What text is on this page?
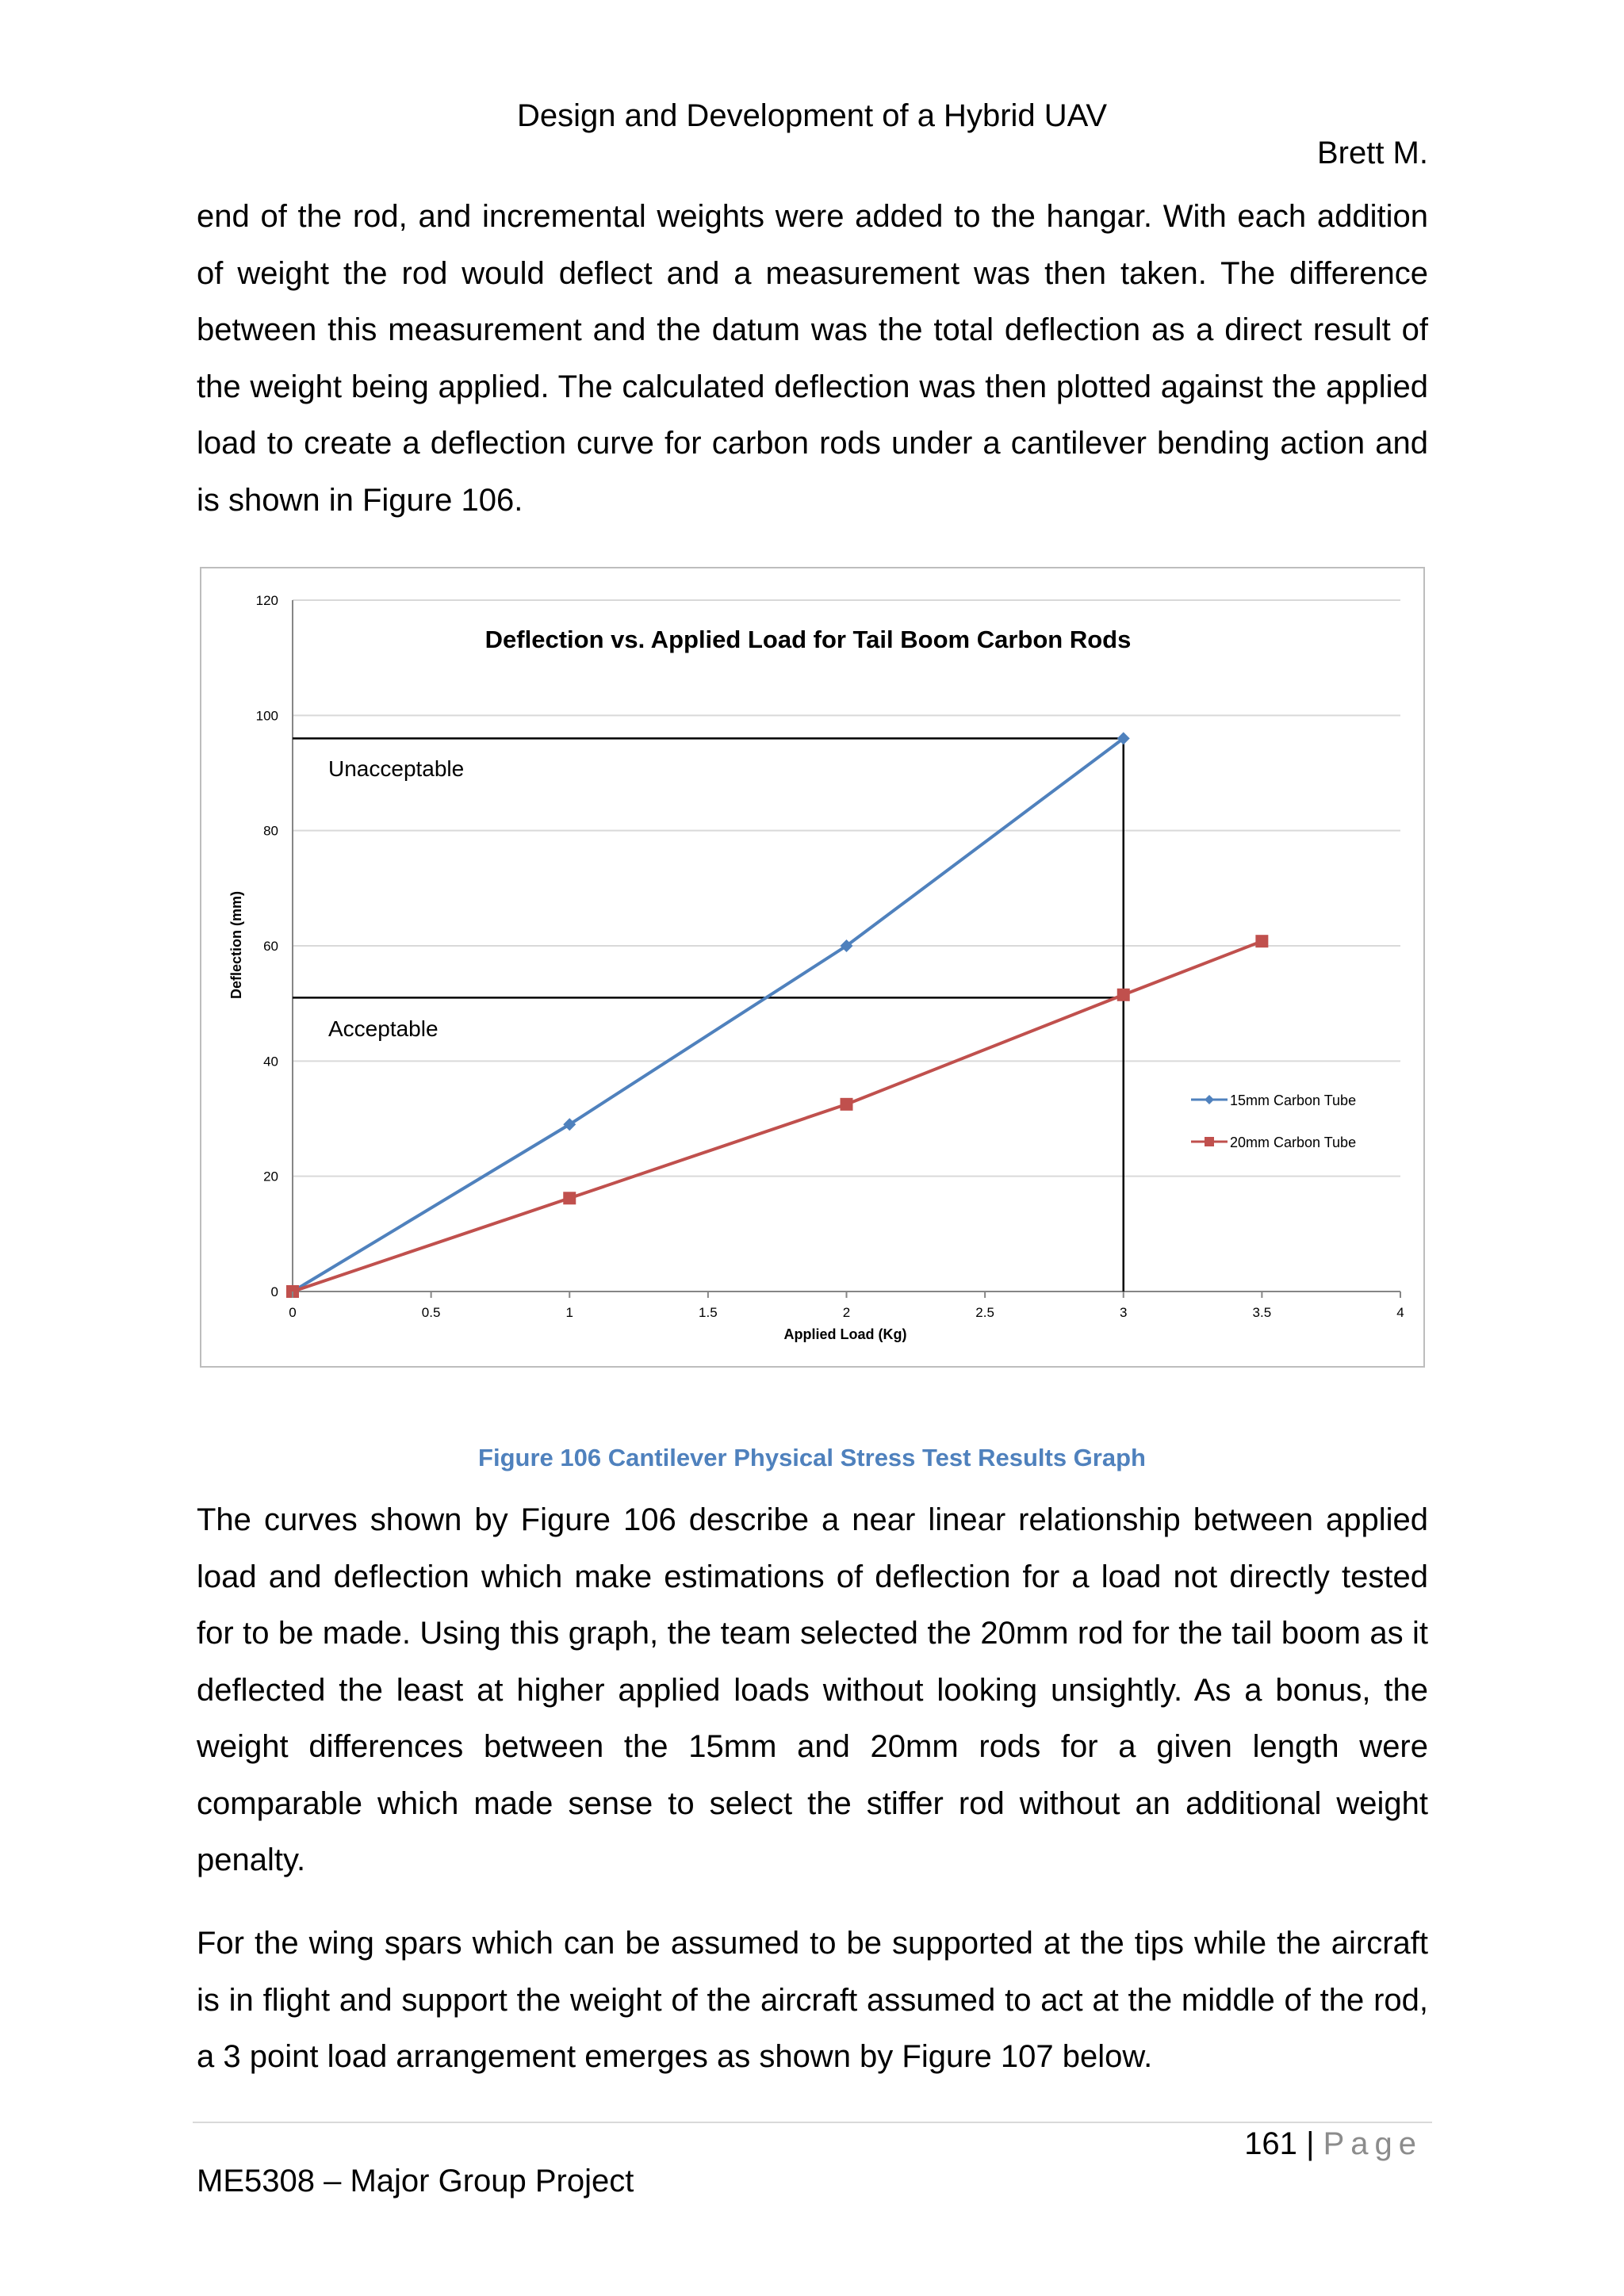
Design and Development of a Hybrid UAV
Brett M.

end of the rod, and incremental weights were added to the hangar. With each addition of weight the rod would deflect and a measurement was then taken. The difference between this measurement and the datum was the total deflection as a direct result of the weight being applied. The calculated deflection was then plotted against the applied load to create a deflection curve for carbon rods under a cantilever bending action and is shown in Figure 106.

0
20
40
60
80
100
120
0	0.5	1	1.5	2	2.5	3	3.5	4
Deflection vs. Applied Load for Tail Boom Carbon Rods
Unacceptable
Acceptable
Applied Load (Kg)
Deflection (mm)
15mm Carbon Tube
20mm Carbon Tube
Figure 106 Cantilever Physical Stress Test Results Graph

The curves shown by Figure 106 describe a near linear relationship between applied load and deflection which make estimations of deflection for a load not directly tested for to be made. Using this graph, the team selected the 20mm rod for the tail boom as it deflected the least at higher applied loads without looking unsightly. As a bonus, the weight differences between the 15mm and 20mm rods for a given length were comparable which made sense to select the stiffer rod without an additional weight penalty.

For the wing spars which can be assumed to be supported at the tips while the aircraft is in flight and support the weight of the aircraft assumed to act at the middle of the rod, a 3 point load arrangement emerges as shown by Figure 107 below.

161 | Page
ME5308 – Major Group Project
